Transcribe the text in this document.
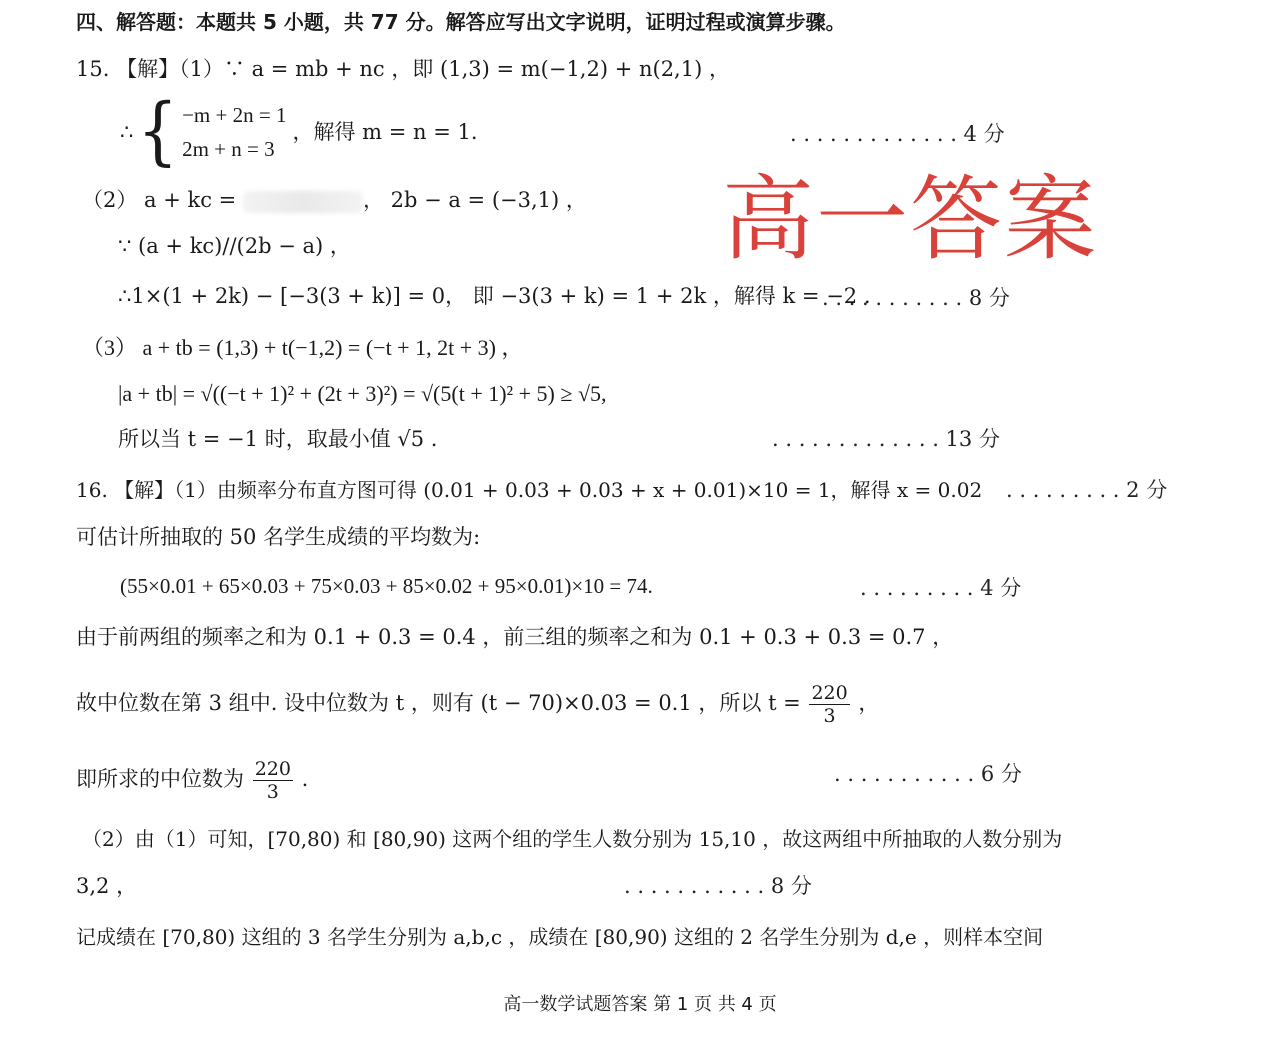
四、解答题：本题共 5 小题，共 77 分。解答应写出文字说明，证明过程或演算步骤。
15. 【解】（1）∵ a = mb + nc ，即 (1,3) = m(−1,2) + n(2,1) ，
∴ { −m + 2n = 1
2m + n = 3
，解得 m = n = 1.	. . . . . . . . . . . . . 4 分
（2） a + kc =	， 2b − a = (−3,1) ， 高一答案
∵ (a + kc)//(2b − a) ，
∴1×(1 + 2k) − [−3(3 + k)] = 0， 即 −3(3 + k) = 1 + 2k ，解得 k = −2 .
. . . . . . . . . . . 8 分
（3） a + tb = (1,3) + t(−1,2) = (−t + 1, 2t + 3) ，
|a + tb| = √((−t + 1)² + (2t + 3)²) = √(5(t + 1)² + 5) ≥ √5,
所以当 t = −1 时，取最小值 √5 .	. . . . . . . . . . . . . 13 分
16. 【解】（1）由频率分布直方图可得 (0.01 + 0.03 + 0.03 + x + 0.01)×10 = 1，解得 x = 0.02 . . . . . . . . . 2 分
可估计所抽取的 50 名学生成绩的平均数为:
(55×0.01 + 65×0.03 + 75×0.03 + 85×0.02 + 95×0.01)×10 = 74.	. . . . . . . . . 4 分
由于前两组的频率之和为 0.1 + 0.3 = 0.4 ，前三组的频率之和为 0.1 + 0.3 + 0.3 = 0.7 ，
故中位数在第 3 组中. 设中位数为 t ，则有 (t − 70)×0.03 = 0.1 ，所以 $t = \frac{220}{3}$ ，
即所求的中位数为 $\frac{220}{3}$ .	. . . . . . . . . . . 6 分
（2）由（1）可知，[70,80) 和 [80,90) 这两个组的学生人数分别为 15,10 ，故这两组中所抽取的人数分别为
3,2 ，	. . . . . . . . . . . 8 分
记成绩在 [70,80) 这组的 3 名学生分别为 a,b,c ，成绩在 [80,90) 这组的 2 名学生分别为 d,e ，则样本空间
高一数学试题答案 第 1 页 共 4 页
